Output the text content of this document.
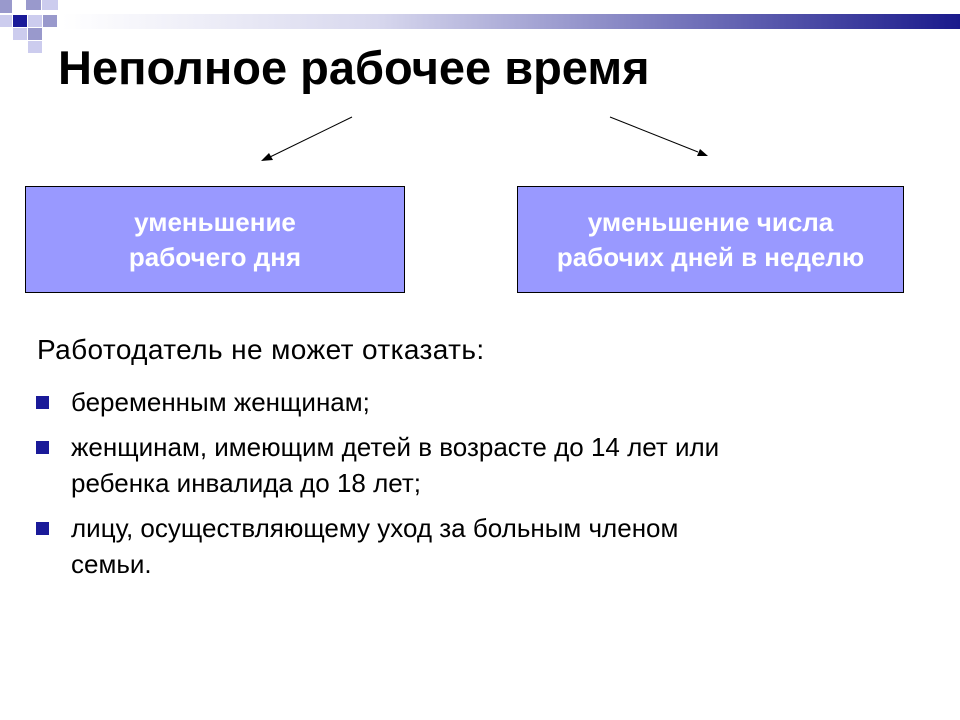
Неполное рабочее время
уменьшение
рабочего дня
уменьшение числа
рабочих дней в неделю
Работодатель не может отказать:
беременным женщинам;
женщинам, имеющим детей в возрасте до 14 лет или
ребенка инвалида до 18 лет;
лицу, осуществляющему уход за больным членом
семьи.
